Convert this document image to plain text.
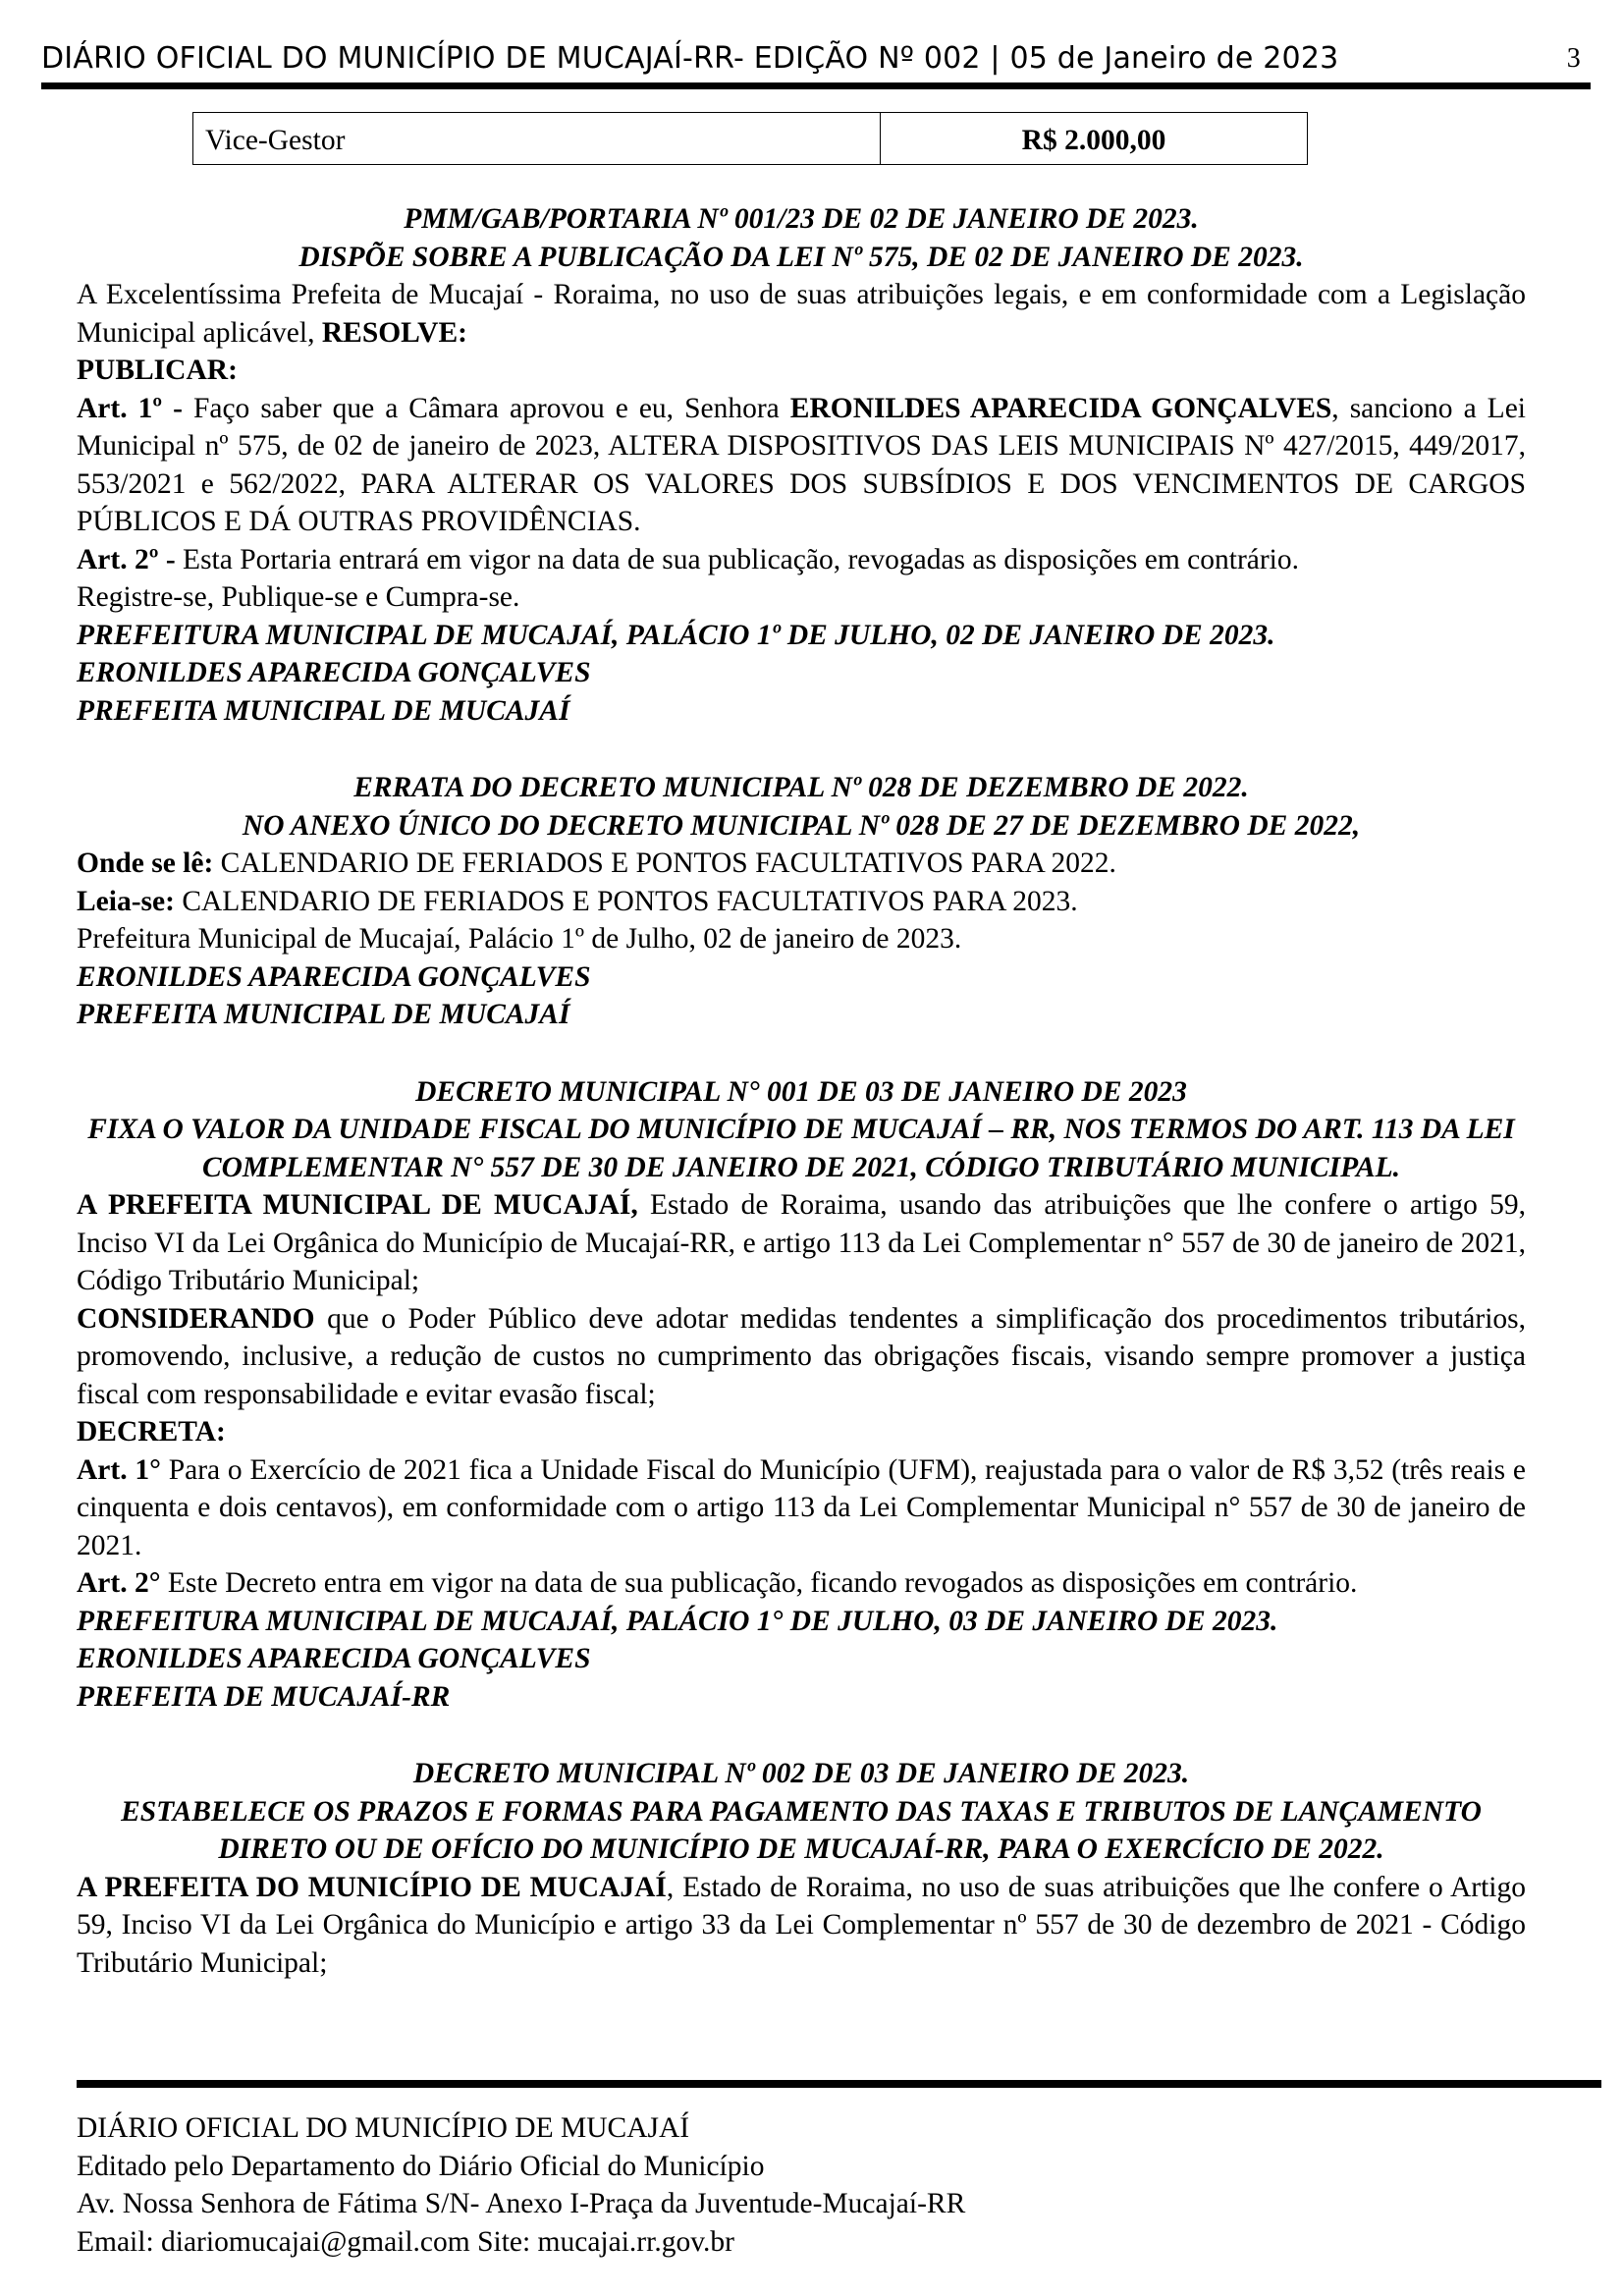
DIÁRIO OFICIAL DO MUNICÍPIO DE MUCAJAÍ-RR- EDIÇÃO Nº 002 | 05 de Janeiro de 2023	3
Vice-Gestor	R$ 2.000,00

PMM/GAB/PORTARIA Nº 001/23 DE 02 DE JANEIRO DE 2023.

DISPÕE SOBRE A PUBLICAÇÃO DA LEI Nº 575, DE 02 DE JANEIRO DE 2023.

A Excelentíssima Prefeita de Mucajaí - Roraima, no uso de suas atribuições legais, e em conformidade com a Legislação Municipal aplicável, RESOLVE:

PUBLICAR:

Art. 1º - Faço saber que a Câmara aprovou e eu, Senhora ERONILDES APARECIDA GONÇALVES, sanciono a Lei Municipal nº 575, de 02 de janeiro de 2023, ALTERA DISPOSITIVOS DAS LEIS MUNICIPAIS Nº 427/2015, 449/2017, 553/2021 e 562/2022, PARA ALTERAR OS VALORES DOS SUBSÍDIOS E DOS VENCIMENTOS DE CARGOS PÚBLICOS E DÁ OUTRAS PROVIDÊNCIAS.

Art. 2º - Esta Portaria entrará em vigor na data de sua publicação, revogadas as disposições em contrário.

Registre-se, Publique-se e Cumpra-se.

PREFEITURA MUNICIPAL DE MUCAJAÍ, PALÁCIO 1º DE JULHO, 02 DE JANEIRO DE 2023.

ERONILDES APARECIDA GONÇALVES

PREFEITA MUNICIPAL DE MUCAJAÍ

ERRATA DO DECRETO MUNICIPAL Nº 028 DE DEZEMBRO DE 2022.

NO ANEXO ÚNICO DO DECRETO MUNICIPAL Nº 028 DE 27 DE DEZEMBRO DE 2022,

Onde se lê: CALENDARIO DE FERIADOS E PONTOS FACULTATIVOS PARA 2022.

Leia-se: CALENDARIO DE FERIADOS E PONTOS FACULTATIVOS PARA 2023.

Prefeitura Municipal de Mucajaí, Palácio 1º de Julho, 02 de janeiro de 2023.

ERONILDES APARECIDA GONÇALVES

PREFEITA MUNICIPAL DE MUCAJAÍ

DECRETO MUNICIPAL N° 001 DE 03 DE JANEIRO DE 2023

FIXA O VALOR DA UNIDADE FISCAL DO MUNICÍPIO DE MUCAJAÍ – RR, NOS TERMOS DO ART. 113 DA LEI COMPLEMENTAR N° 557 DE 30 DE JANEIRO DE 2021, CÓDIGO TRIBUTÁRIO MUNICIPAL.

A PREFEITA MUNICIPAL DE MUCAJAÍ, Estado de Roraima, usando das atribuições que lhe confere o artigo 59, Inciso VI da Lei Orgânica do Município de Mucajaí-RR, e artigo 113 da Lei Complementar n° 557 de 30 de janeiro de 2021, Código Tributário Municipal;

CONSIDERANDO que o Poder Público deve adotar medidas tendentes a simplificação dos procedimentos tributários, promovendo, inclusive, a redução de custos no cumprimento das obrigações fiscais, visando sempre promover a justiça fiscal com responsabilidade e evitar evasão fiscal;

DECRETA:

Art. 1° Para o Exercício de 2021 fica a Unidade Fiscal do Município (UFM), reajustada para o valor de R$ 3,52 (três reais e cinquenta e dois centavos), em conformidade com o artigo 113 da Lei Complementar Municipal n° 557 de 30 de janeiro de 2021.

Art. 2° Este Decreto entra em vigor na data de sua publicação, ficando revogados as disposições em contrário.

PREFEITURA MUNICIPAL DE MUCAJAÍ, PALÁCIO 1° DE JULHO, 03 DE JANEIRO DE 2023.

ERONILDES APARECIDA GONÇALVES

PREFEITA DE MUCAJAÍ-RR

DECRETO MUNICIPAL Nº 002 DE 03 DE JANEIRO DE 2023.

ESTABELECE OS PRAZOS E FORMAS PARA PAGAMENTO DAS TAXAS E TRIBUTOS DE LANÇAMENTO DIRETO OU DE OFÍCIO DO MUNICÍPIO DE MUCAJAÍ-RR, PARA O EXERCÍCIO DE 2022.

A PREFEITA DO MUNICÍPIO DE MUCAJAÍ, Estado de Roraima, no uso de suas atribuições que lhe confere o Artigo 59, Inciso VI da Lei Orgânica do Município e artigo 33 da Lei Complementar nº 557 de 30 de dezembro de 2021 - Código Tributário Municipal;

DIÁRIO OFICIAL DO MUNICÍPIO DE MUCAJAÍ

Editado pelo Departamento do Diário Oficial do Município

Av. Nossa Senhora de Fátima S/N- Anexo I-Praça da Juventude-Mucajaí-RR

Email: diariomucajai@gmail.com Site: mucajai.rr.gov.br
